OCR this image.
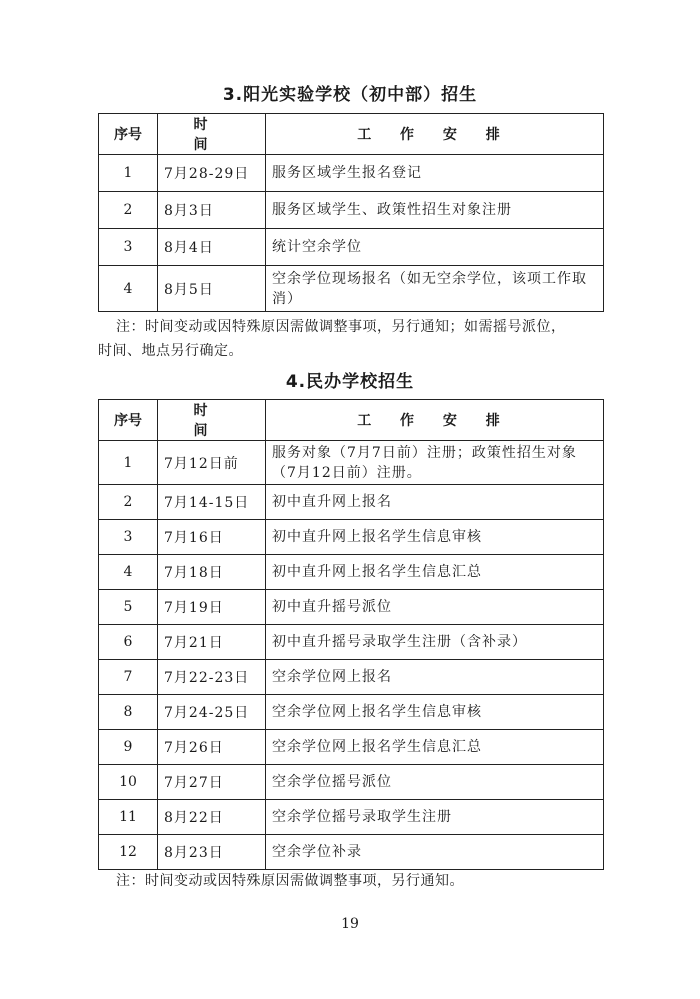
3.阳光实验学校（初中部）招生
序号	时 间	工 作 安 排
1	7月28-29日	服务区域学生报名登记
2	8月3日	服务区域学生、政策性招生对象注册
3	8月4日	统计空余学位
4	8月5日	空余学位现场报名（如无空余学位，该项工作取消）
注：时间变动或因特殊原因需做调整事项，另行通知；如需摇号派位，
时间、地点另行确定。
4.民办学校招生
序号	时 间	工 作 安 排
1	7月12日前	服务对象（7月7日前）注册；政策性招生对象（7月12日前）注册。
2	7月14-15日	初中直升网上报名
3	7月16日	初中直升网上报名学生信息审核
4	7月18日	初中直升网上报名学生信息汇总
5	7月19日	初中直升摇号派位
6	7月21日	初中直升摇号录取学生注册（含补录）
7	7月22-23日	空余学位网上报名
8	7月24-25日	空余学位网上报名学生信息审核
9	7月26日	空余学位网上报名学生信息汇总
10	7月27日	空余学位摇号派位
11	8月22日	空余学位摇号录取学生注册
12	8月23日	空余学位补录
注：时间变动或因特殊原因需做调整事项，另行通知。
19
